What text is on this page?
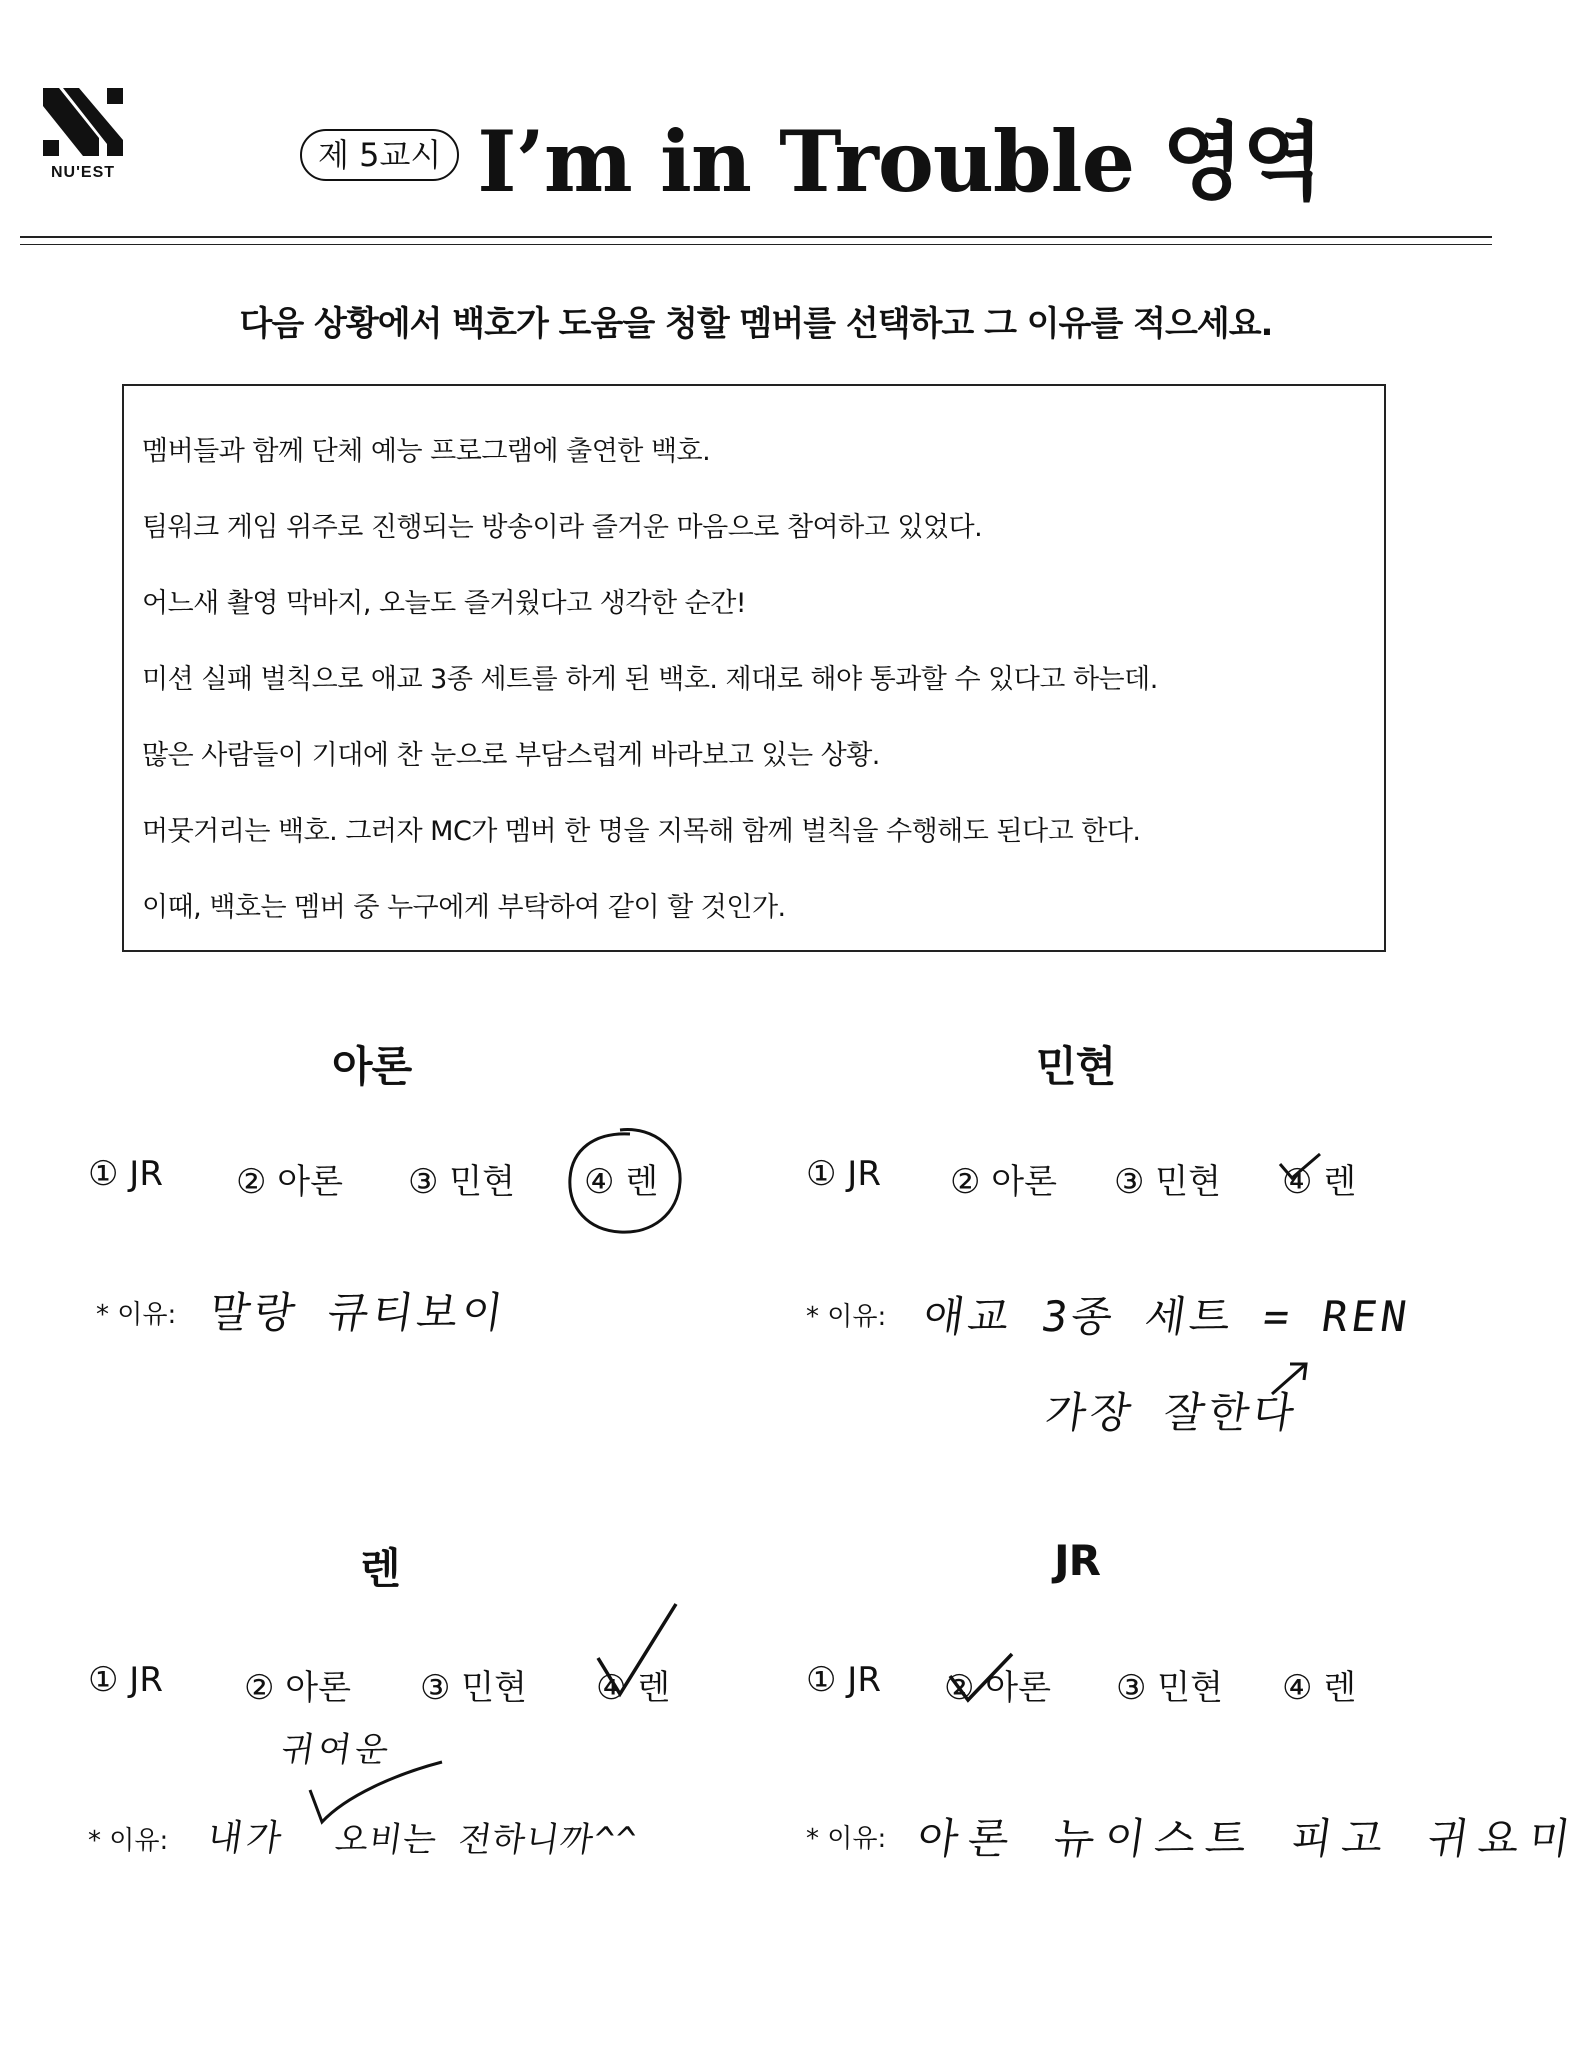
NU'EST	제 5교시 I’m in Trouble 영역
다음 상황에서 백호가 도움을 청할 멤버를 선택하고 그 이유를 적으세요.
멤버들과 함께 단체 예능 프로그램에 출연한 백호.
팀워크 게임 위주로 진행되는 방송이라 즐거운 마음으로 참여하고 있었다.
어느새 촬영 막바지, 오늘도 즐거웠다고 생각한 순간!
미션 실패 벌칙으로 애교 3종 세트를 하게 된 백호. 제대로 해야 통과할 수 있다고 하는데.
많은 사람들이 기대에 찬 눈으로 부담스럽게 바라보고 있는 상황.
머뭇거리는 백호. 그러자 MC가 멤버 한 명을 지목해 함께 벌칙을 수행해도 된다고 한다.
이때, 백호는 멤버 중 누구에게 부탁하여 같이 할 것인가.
아론
① JR ② 아론 ③ 민현 ④ 렌
* 이유: 말랑 큐티보이
민현
① JR ② 아론 ③ 민현 ④ 렌
* 이유: 애교 3종 세트 = REN
가장 잘한다
렌
① JR ② 아론 ③ 민현 ④ 렌
귀여운
* 이유: 내가 오비는 전하니까^^
JR
① JR ② 아론 ③ 민현 ④ 렌
* 이유: 아론 뉴이스트 피고 귀요미
